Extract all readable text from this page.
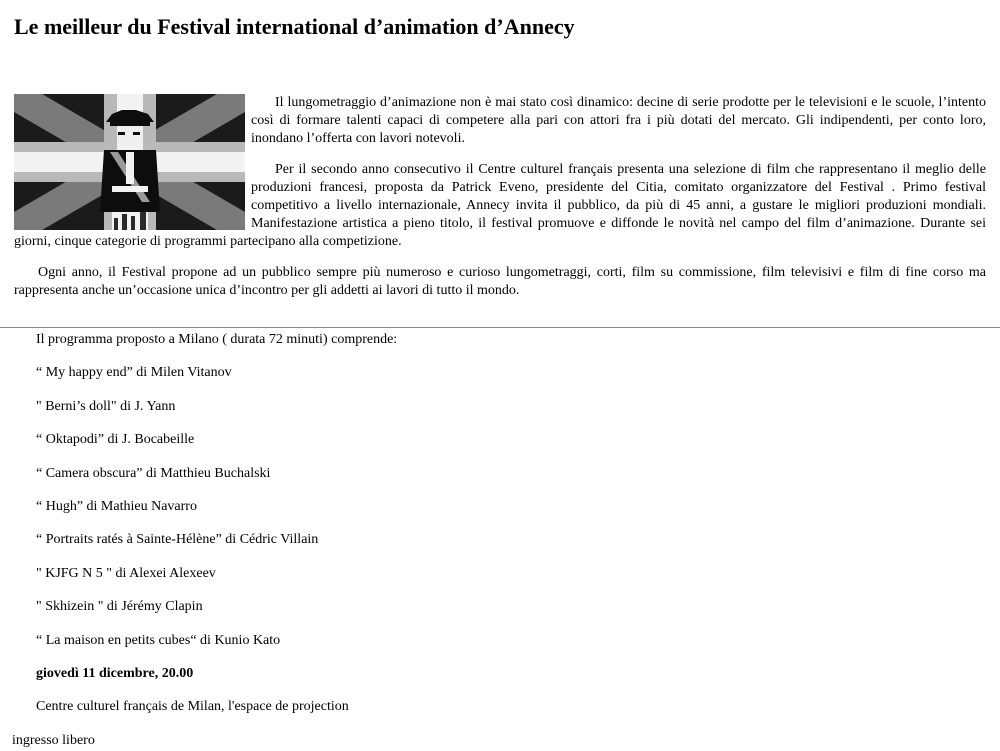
Le meilleur du Festival international d’animation d’Annecy

Il lungometraggio d’animazione non è mai stato così dinamico: decine di serie prodotte per le televisioni e le scuole, l’intento così di formare talenti capaci di competere alla pari con attori fra i più dotati del mercato. Gli indipendenti, per conto loro, inondano l’offerta con lavori notevoli.

Per il secondo anno consecutivo il Centre culturel français presenta una selezione di film che rappresentano il meglio delle produzioni francesi, proposta da Patrick Eveno, presidente del Citia, comitato organizzatore del Festival . Primo festival competitivo a livello internazionale, Annecy invita il pubblico, da più di 45 anni, a gustare le migliori produzioni mondiali. Manifestazione artistica a pieno titolo, il festival promuove e diffonde le novità nel campo del film d’animazione. Durante sei giorni, cinque categorie di programmi partecipano alla competizione.

Ogni anno, il Festival propone ad un pubblico sempre più numeroso e curioso lungometraggi, corti, film su commissione, film televisivi e film di fine corso ma rappresenta anche un’occasione unica d’incontro per gli addetti ai lavori di tutto il mondo.

Il programma proposto a Milano ( durata 72 minuti) comprende:
“ My happy end” di Milen Vitanov
" Berni’s doll" di J. Yann
“ Oktapodi” di J. Bocabeille
“ Camera obscura” di Matthieu Buchalski
“ Hugh” di Mathieu Navarro
“ Portraits ratés à Sainte-Hélène” di Cédric Villain
" KJFG N 5 " di Alexei Alexeev
" Skhizein " di Jérémy Clapin
“ La maison en petits cubes“ di Kunio Kato
giovedì 11 dicembre, 20.00
Centre culturel français de Milan, l'espace de projection
ingresso libero
